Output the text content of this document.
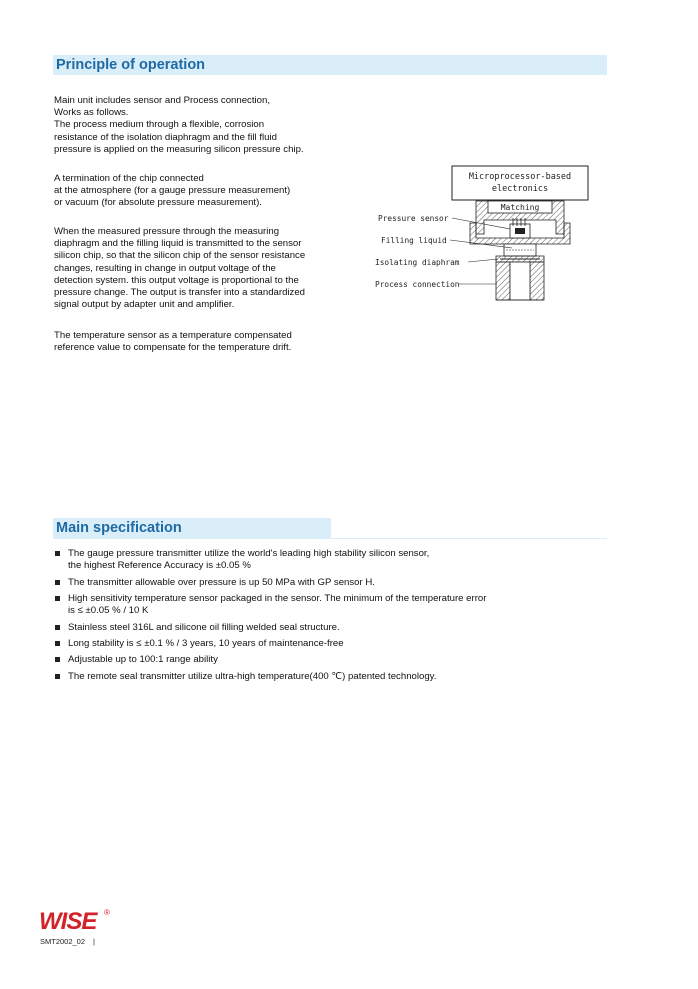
Principle of operation
Main unit includes sensor and Process connection,
Works as follows.
The process medium through a flexible, corrosion
resistance of the isolation diaphragm and the fill fluid
pressure is applied on the measuring silicon pressure chip.
A termination of the chip connected
at the atmosphere (for a gauge pressure measurement)
or vacuum (for absolute pressure measurement).
When the measured pressure through the measuring
diaphragm and the filling liquid is transmitted to the sensor
silicon chip, so that the silicon chip of the sensor resistance
changes, resulting in change in output voltage of the
detection system. this output voltage is proportional to the
pressure change. The output is transfer into a standardized
signal output by adapter unit and amplifier.
The temperature sensor as a temperature compensated
reference value to compensate for the temperature drift.
Microprocessor-based
electronics
Matching
Pressure sensor
Filling liquid
Isolating diaphram
Process connection
Main specification
The gauge pressure transmitter utilize the world's leading high stability silicon sensor,
the highest Reference Accuracy is ±0.05 %
The transmitter allowable over pressure is up 50 MPa with GP sensor H.
High sensitivity temperature sensor packaged in the sensor. The minimum of the temperature error
is ≤ ±0.05 % / 10 K
Stainless steel 316L and silicone oil filling welded seal structure.
Long stability is ≤ ±0.1 % / 3 years, 10 years of maintenance-free
Adjustable up to 100:1 range ability
The remote seal transmitter utilize ultra-high temperature(400 ℃) patented technology.
WISE ®
SMT2002_02 |
